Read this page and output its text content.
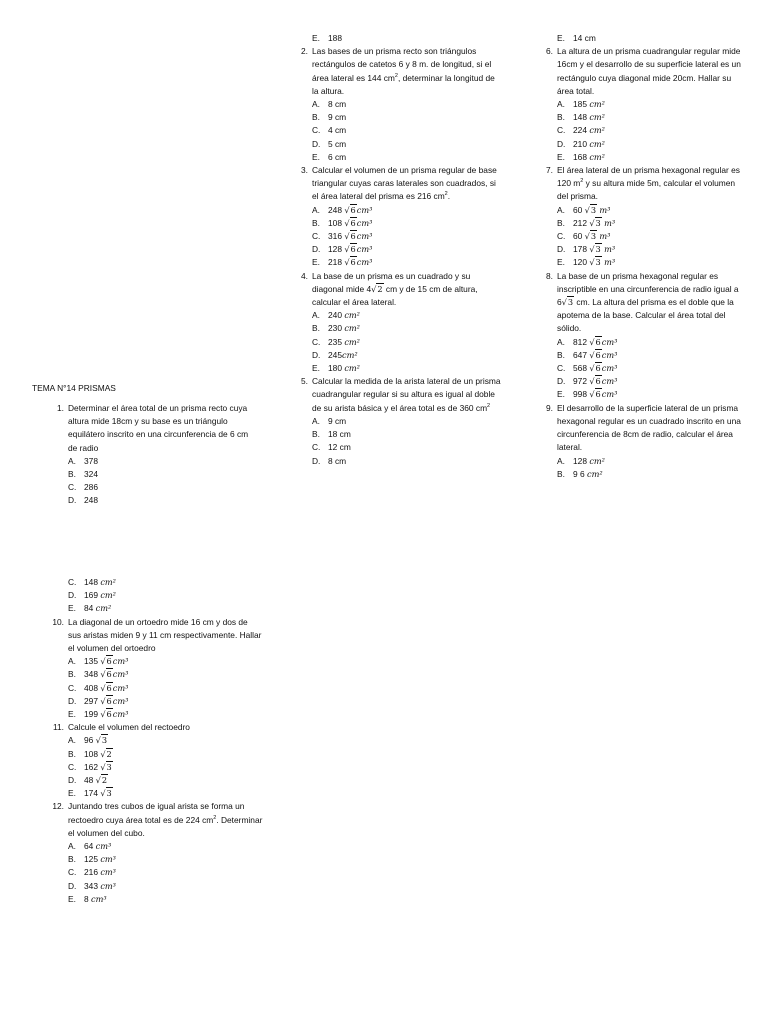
TEMA N°14 PRISMAS
1. Determinar el área total de un prisma recto cuya altura mide 18cm y su base es un triángulo equilátero inscrito en una circunferencia de 6 cm de radio
A. 378
B. 324
C. 286
D. 248
C. 148 cm²
D. 169 cm²
E. 84 cm²
10. La diagonal de un ortoedro mide 16 cm y dos de sus aristas miden 9 y 11 cm respectivamente. Hallar el volumen del ortoedro
A. 135 √6cm³
B. 348 √6cm³
C. 408 √6cm³
D. 297 √6cm³
E. 199 √6cm³
11. Calcule el volumen del rectoedro
A. 96 √3
B. 108 √2
C. 162 √3
D. 48 √2
E. 174 √3
12. Juntando tres cubos de igual arista se forma un rectoedro cuya área total es de 224 $cm^2$. Determinar el volumen del cubo.
A. 64 cm³
B. 125 cm³
C. 216 cm³
D. 343 cm³
E. 8 cm³
E. 188
2. Las bases de un prisma recto son triángulos rectángulos de catetos 6 y 8 m. de longitud, si el área lateral es 144 $cm^2$, determinar la longitud de la altura.
A. 8 cm
B. 9 cm
C. 4 cm
D. 5 cm
E. 6 cm
3. Calcular el volumen de un prisma regular de base triangular cuyas caras laterales son cuadrados, si el área lateral del prisma es 216 $cm^2$.
A. 248 √6cm³
B. 108 √6cm³
C. 316 √6cm³
D. 128 √6cm³
E. 218 √6cm³
4. La base de un prisma es un cuadrado y su diagonal mide 4√2 cm y de 15 cm de altura, calcular el área lateral.
A. 240 cm²
B. 230 cm²
C. 235 cm²
D. 245cm²
E. 180 cm²
5. Calcular la medida de la arista lateral de un prisma cuadrangular regular si su altura es igual al doble de su arista básica y el área total es de 360 $cm^2$
A. 9 cm
B. 18 cm
C. 12 cm
D. 8 cm
E. 14 cm
6. La altura de un prisma cuadrangular regular mide 16cm y el desarrollo de su superficie lateral es un rectángulo cuya diagonal mide 20cm. Hallar su área total.
A. 185 cm²
B. 148 cm²
C. 224 cm²
D. 210 cm²
E. 168 cm²
7. El área lateral de un prisma hexagonal regular es 120 $m^2$ y su altura mide 5m, calcular el volumen del prisma.
A. 60 √3 m³
B. 212 √3 m³
C. 60 √3 m³
D. 178 √3 m³
E. 120 √3 m³
8. La base de un prisma hexagonal regular es inscriptible en una circunferencia de radio igual a 6√3 cm. La altura del prisma es el doble que la apotema de la base. Calcular el área total del sólido.
A. 812 √6cm³
B. 647 √6cm³
C. 568 √6cm³
D. 972 √6cm³
E. 998 √6cm³
9. El desarrollo de la superficie lateral de un prisma hexagonal regular es un cuadrado inscrito en una circunferencia de 8cm de radio, calcular el área lateral.
A. 128 cm²
B. 9 6 cm²
